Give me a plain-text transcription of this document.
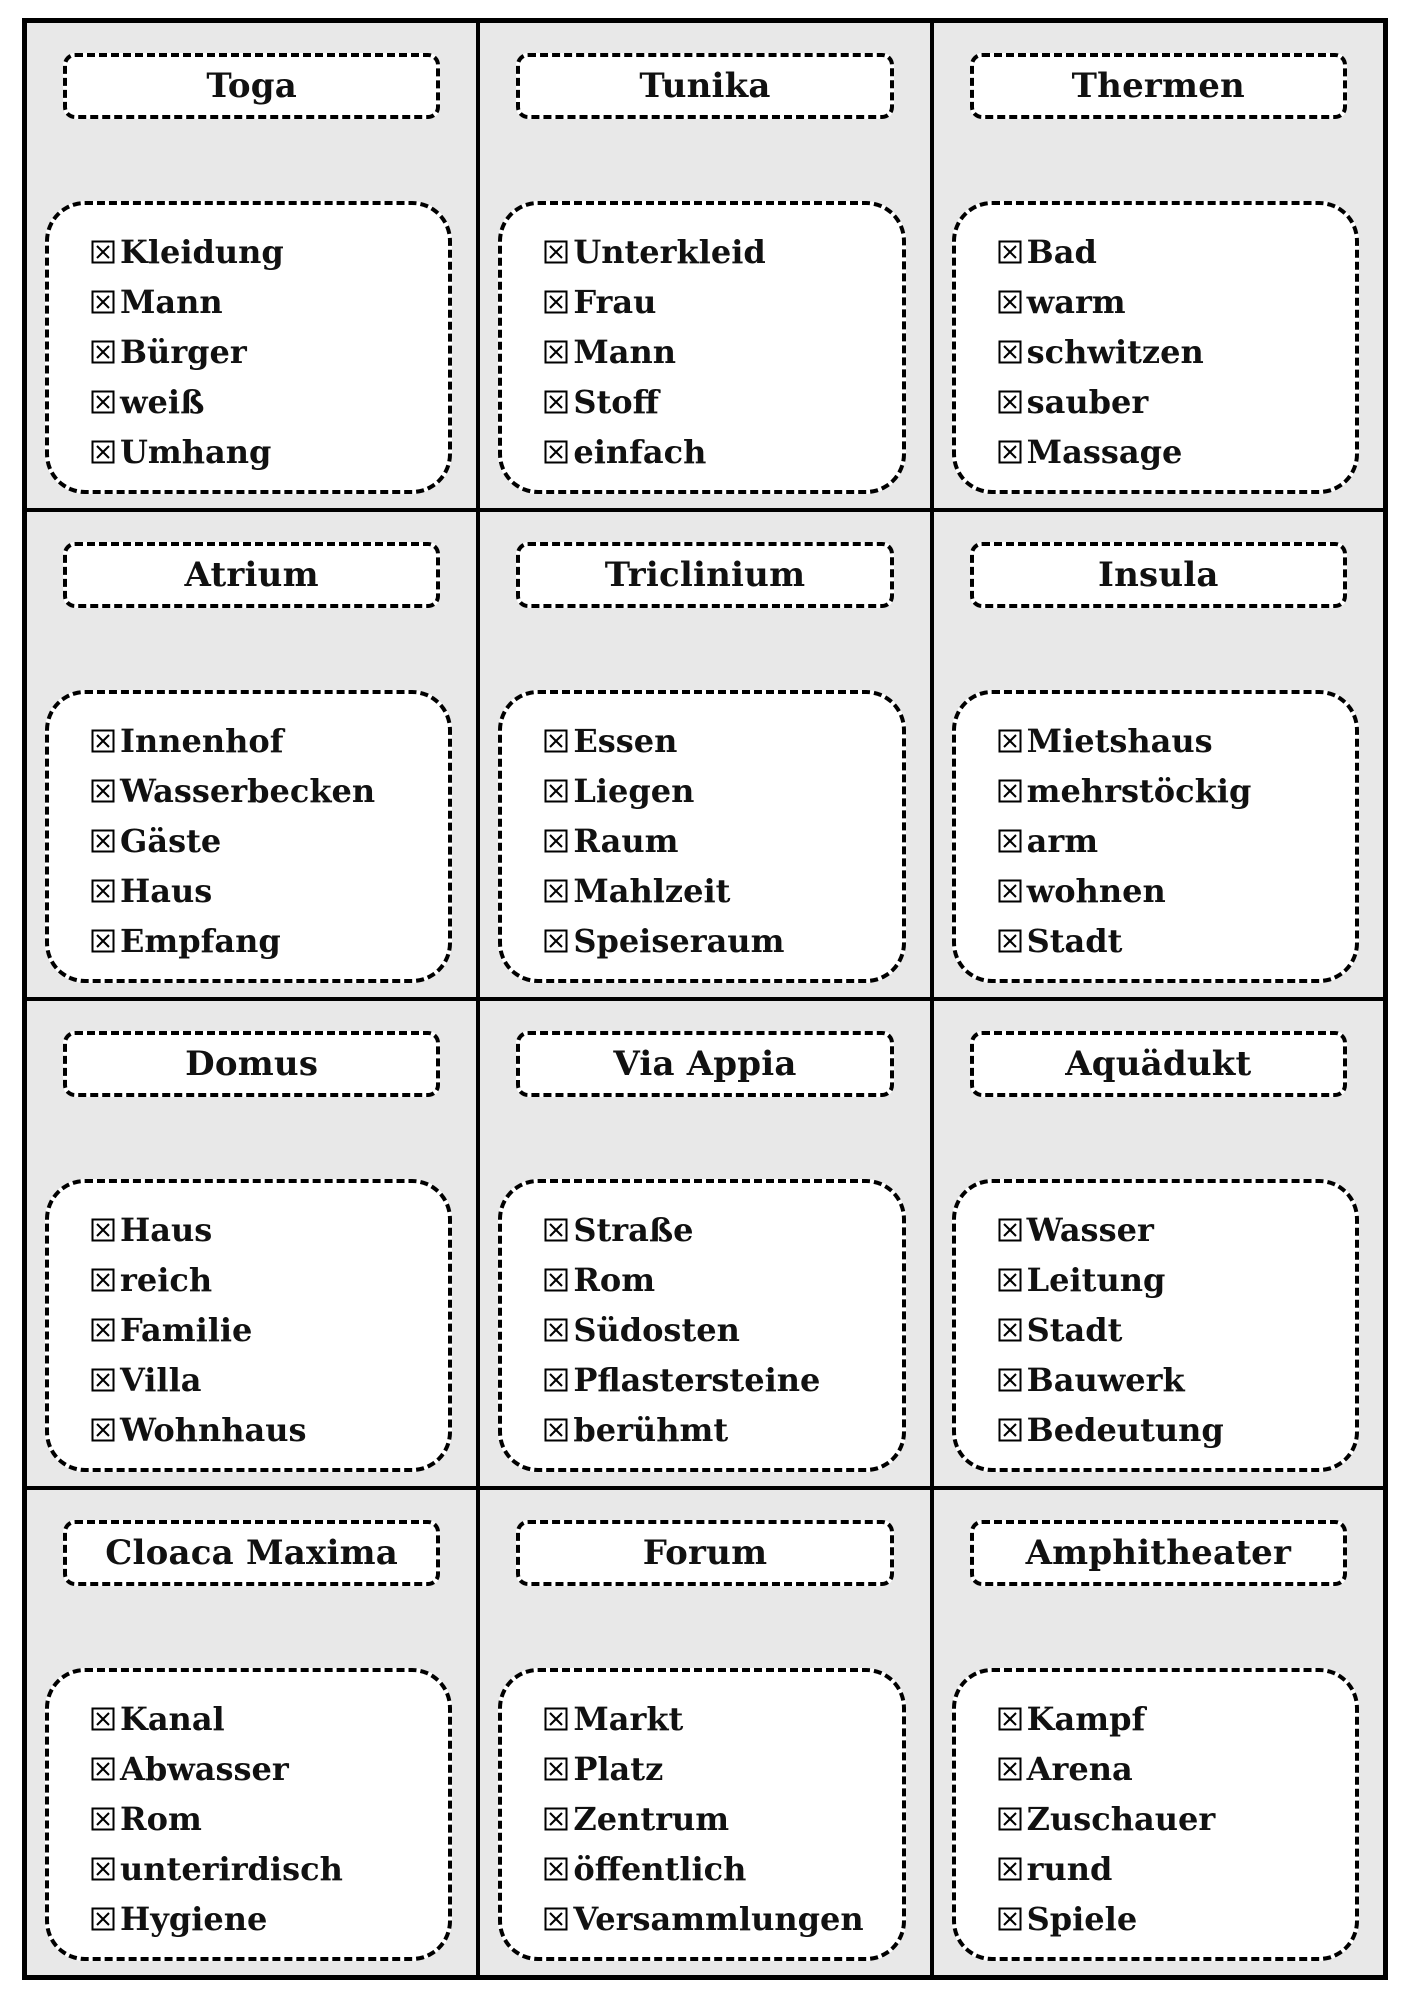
Toga
Kleidung
Mann
Bürger
weiß
Umhang
Tunika
Unterkleid
Frau
Mann
Stoff
einfach
Thermen
Bad
warm
schwitzen
sauber
Massage
Atrium
Innenhof
Wasserbecken
Gäste
Haus
Empfang
Triclinium
Essen
Liegen
Raum
Mahlzeit
Speiseraum
Insula
Mietshaus
mehrstöckig
arm
wohnen
Stadt
Domus
Haus
reich
Familie
Villa
Wohnhaus
Via Appia
Straße
Rom
Südosten
Pflastersteine
berühmt
Aquädukt
Wasser
Leitung
Stadt
Bauwerk
Bedeutung
Cloaca Maxima
Kanal
Abwasser
Rom
unterirdisch
Hygiene
Forum
Markt
Platz
Zentrum
öffentlich
Versammlungen
Amphitheater
Kampf
Arena
Zuschauer
rund
Spiele
